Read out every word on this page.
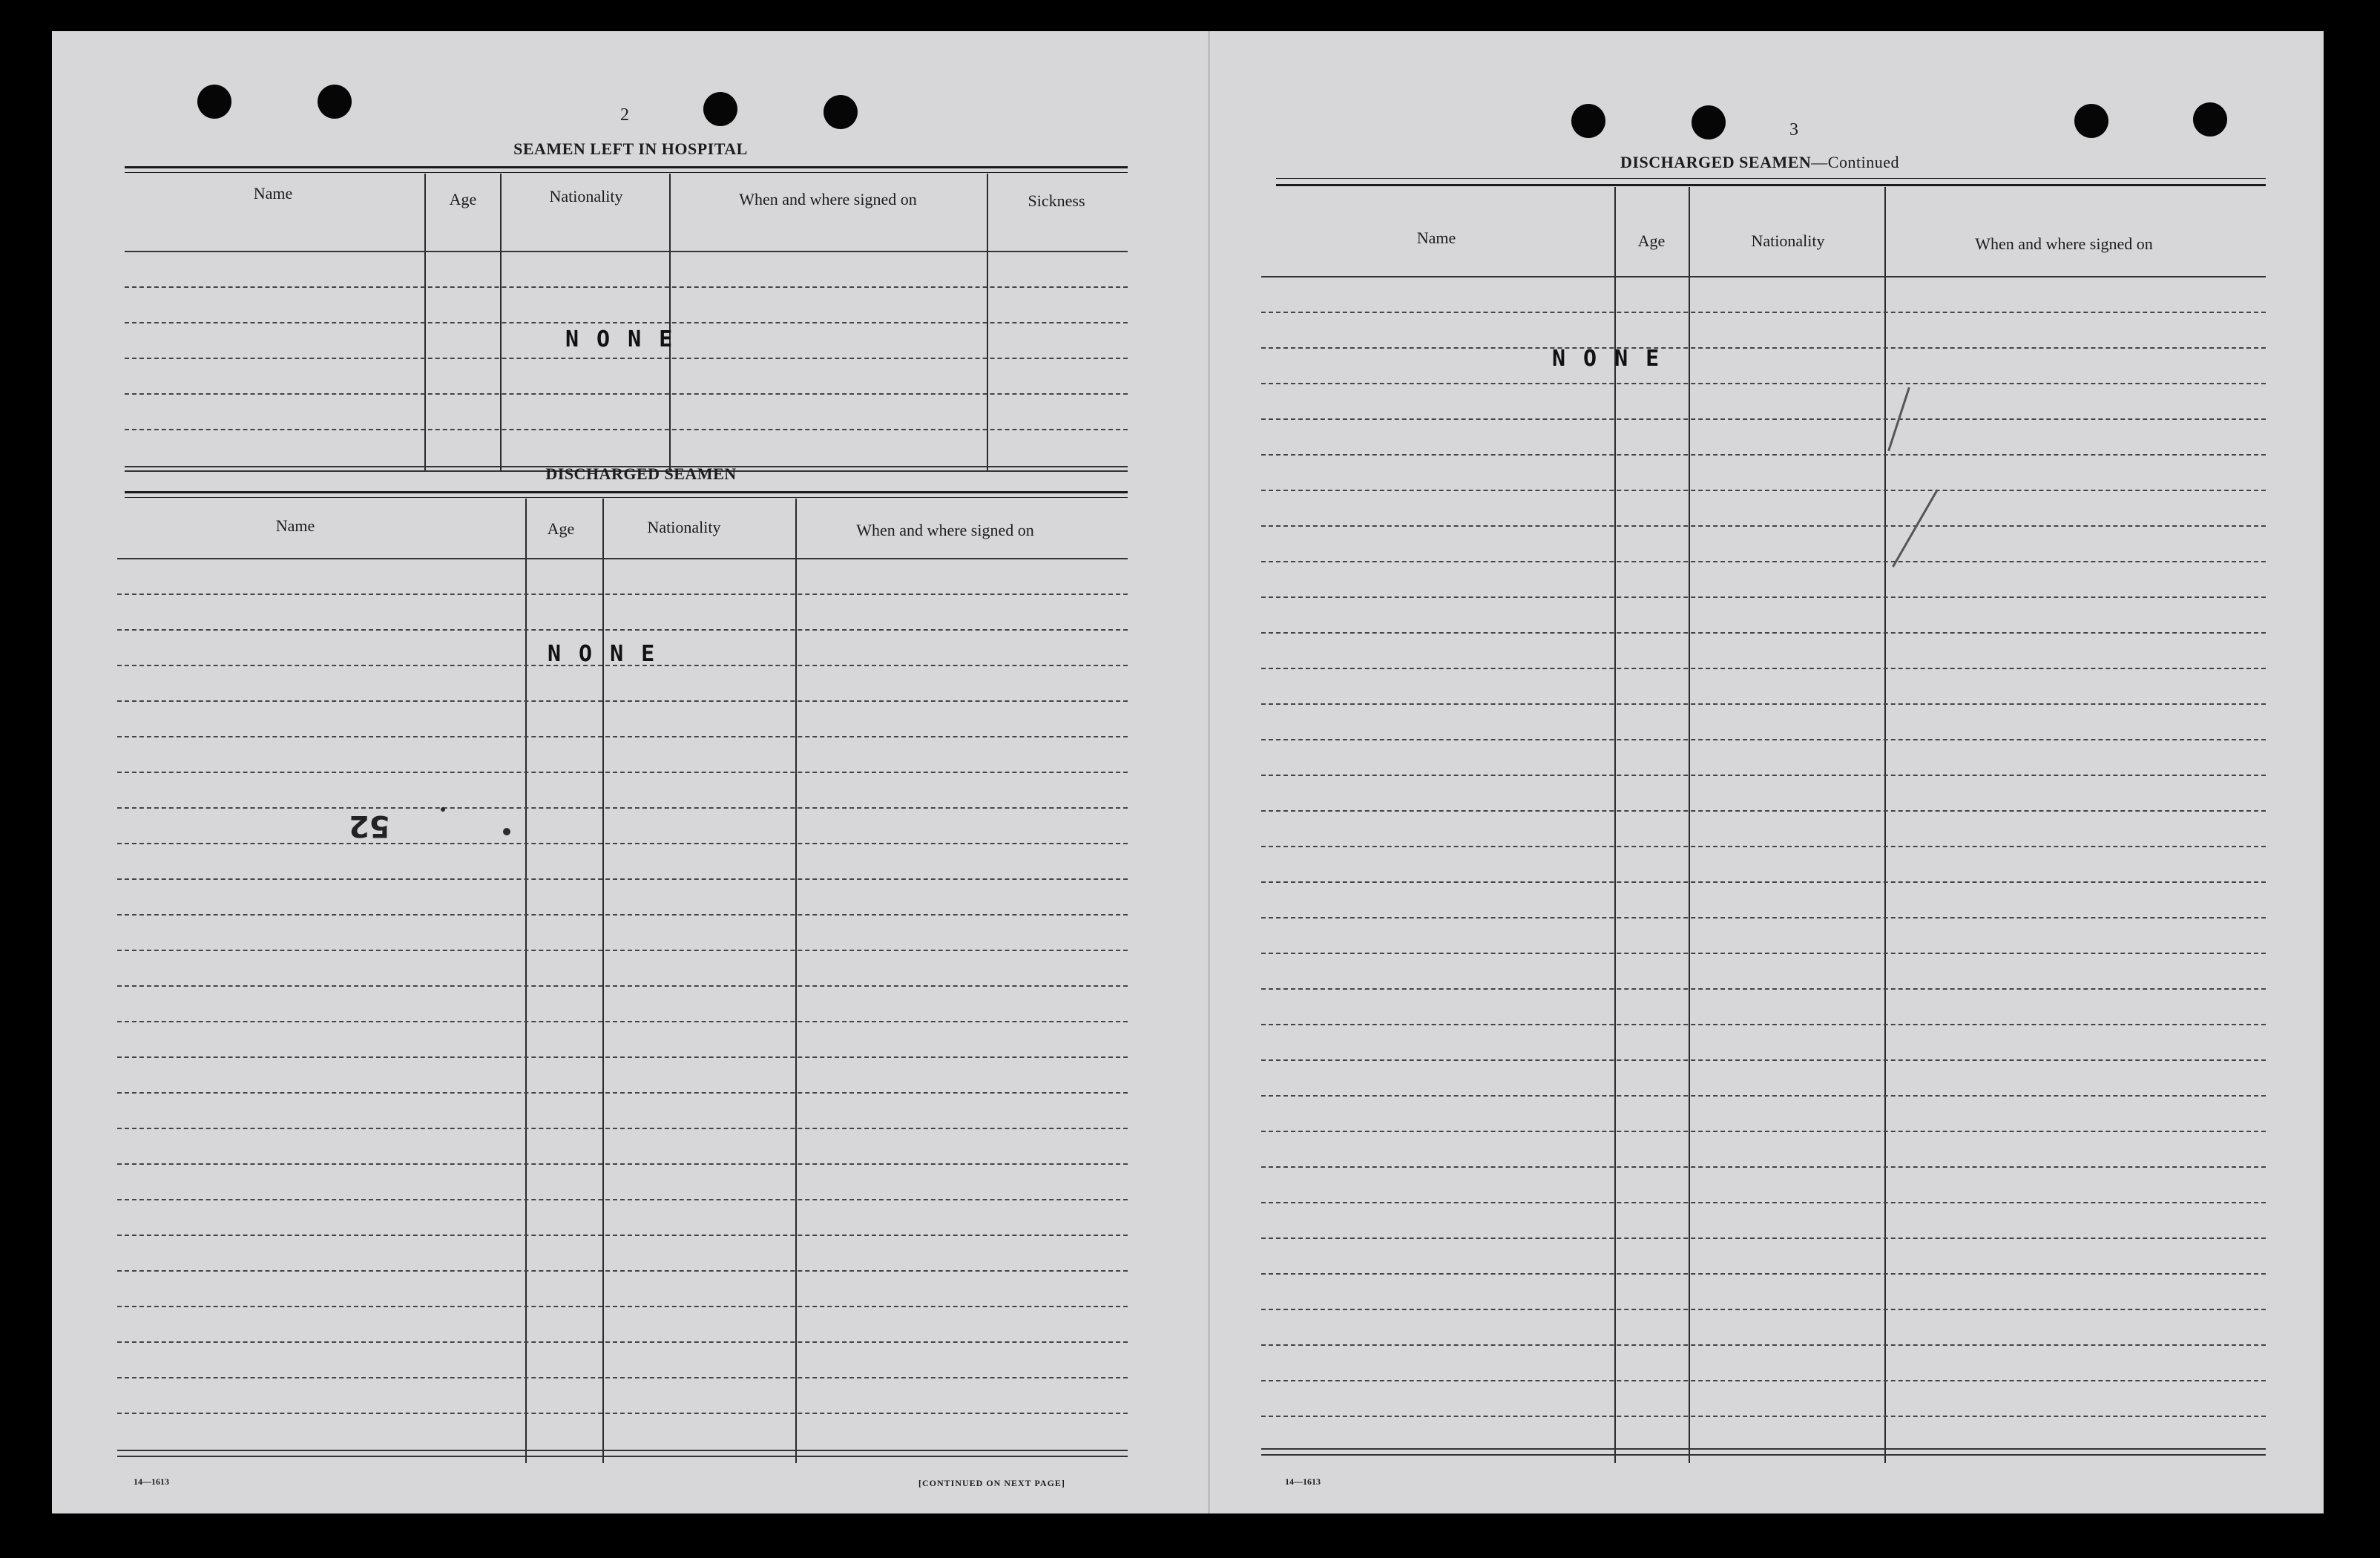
2
SEAMEN LEFT IN HOSPITAL
Name	Age	Nationality	When and where signed on	Sickness
NONE
DISCHARGED SEAMEN
Name	Age	Nationality	When and where signed on
NONE
52
14—1613	[CONTINUED ON NEXT PAGE]
3
DISCHARGED SEAMEN—Continued
Name	Age	Nationality	When and where signed on
NONE
14—1613
